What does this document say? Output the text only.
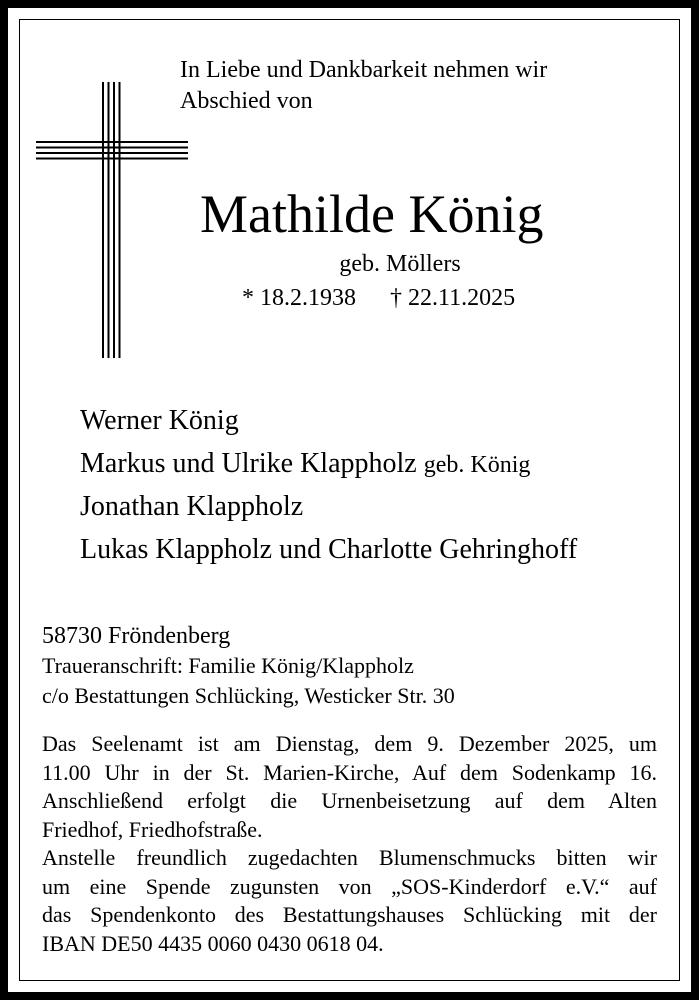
In Liebe und Dankbarkeit nehmen wir
Abschied von
Mathilde König
geb. Möllers
* 18.2.1938 † 22.11.2025
Werner König
Markus und Ulrike Klappholz geb. König
Jonathan Klappholz
Lukas Klappholz und Charlotte Gehringhoff
58730 Fröndenberg
Traueranschrift: Familie König/Klappholz
c/o Bestattungen Schlücking, Westicker Str. 30
Das Seelenamt ist am Dienstag, dem 9. Dezember 2025, um
11.00 Uhr in der St. Marien-Kirche, Auf dem Sodenkamp 16.
Anschließend erfolgt die Urnenbeisetzung auf dem Alten
Friedhof, Friedhofstraße.
Anstelle freundlich zugedachten Blumenschmucks bitten wir
um eine Spende zugunsten von „SOS-Kinderdorf e.V.“ auf
das Spendenkonto des Bestattungshauses Schlücking mit der
IBAN DE50 4435 0060 0430 0618 04.
